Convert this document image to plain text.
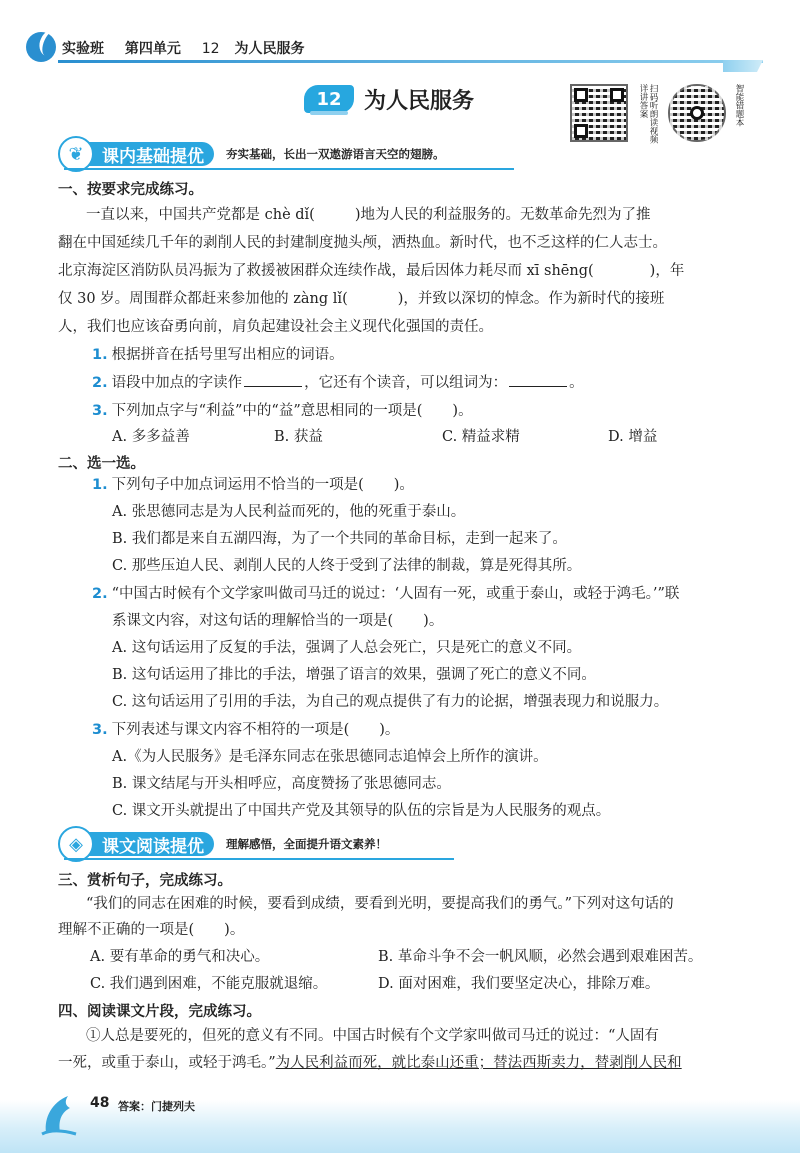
实验班 第四单元 12 为人民服务
12	为人民服务	扫码听朗读视频详讲答案	智能错题本
❦	课内基础提优 夯实基础，长出一双遨游语言天空的翅膀。
一、按要求完成练习。
一直以来，中国共产党都是 chè dǐ(	)地为人民的利益服务的。无数革命先烈为了推
翻在中国延续几千年的剥削人民的封建制度抛头颅，洒热血。新时代，也不乏这样的仁人志士。
北京海淀区消防队员冯振为了救援被困群众连续作战，最后因体力耗尽而 xī shēng(	)，年
仅 30 岁。周围群众都赶来参加他的 zàng lǐ(	)，并致以深切的悼念。作为新时代的接班
人，我们也应该奋勇向前，肩负起建设社会主义现代化强国的责任。
1. 根据拼音在括号里写出相应的词语。
2. 语段中加点的字读作	，它还有个读音，可以组词为：	。
3. 下列加点字与“利益”中的“益”意思相同的一项是( )。
A. 多多益善	B. 获益	C. 精益求精	D. 增益
二、选一选。
1. 下列句子中加点词运用不恰当的一项是( )。
A. 张思德同志是为人民利益而死的，他的死重于泰山。
B. 我们都是来自五湖四海，为了一个共同的革命目标，走到一起来了。
C. 那些压迫人民、剥削人民的人终于受到了法律的制裁，算是死得其所。
2. “中国古时候有个文学家叫做司马迁的说过：‘人固有一死，或重于泰山，或轻于鸿毛。’”联
系课文内容，对这句话的理解恰当的一项是( )。
A. 这句话运用了反复的手法，强调了人总会死亡，只是死亡的意义不同。
B. 这句话运用了排比的手法，增强了语言的效果，强调了死亡的意义不同。
C. 这句话运用了引用的手法，为自己的观点提供了有力的论据，增强表现力和说服力。
3. 下列表述与课文内容不相符的一项是( )。
A.《为人民服务》是毛泽东同志在张思德同志追悼会上所作的演讲。
B. 课文结尾与开头相呼应，高度赞扬了张思德同志。
C. 课文开头就提出了中国共产党及其领导的队伍的宗旨是为人民服务的观点。
◈	课文阅读提优 理解感悟，全面提升语文素养！
三、赏析句子，完成练习。
“我们的同志在困难的时候，要看到成绩，要看到光明，要提高我们的勇气。”下列对这句话的
理解不正确的一项是( )。
A. 要有革命的勇气和决心。	B. 革命斗争不会一帆风顺，必然会遇到艰难困苦。
C. 我们遇到困难，不能克服就退缩。	D. 面对困难，我们要坚定决心，排除万难。
四、阅读课文片段，完成练习。
①人总是要死的，但死的意义有不同。中国古时候有个文学家叫做司马迁的说过：“人固有
一死，或重于泰山，或轻于鸿毛。”为人民利益而死，就比泰山还重；替法西斯卖力，替剥削人民和
48 答案：门捷列夫
